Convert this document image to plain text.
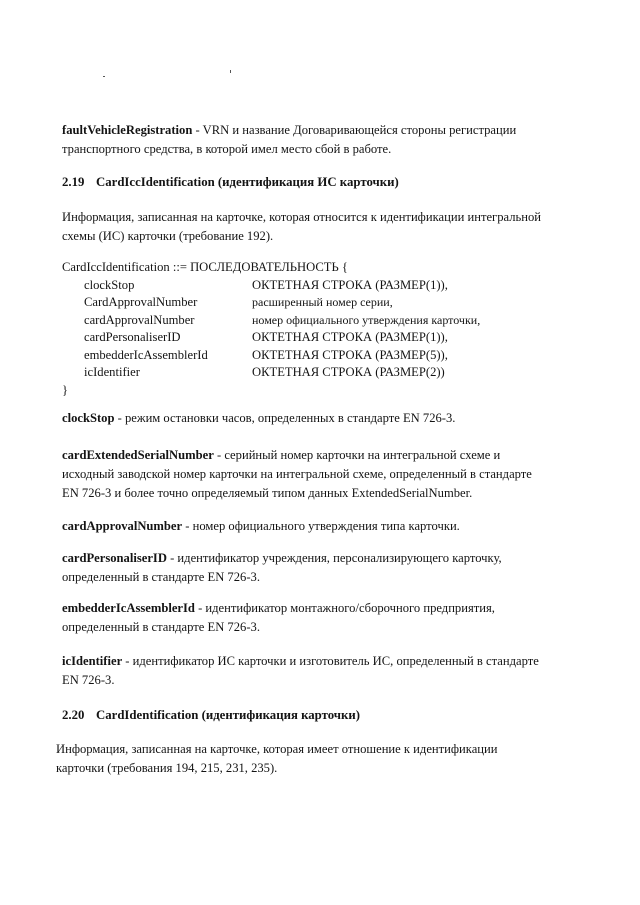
faultVehicleRegistration - VRN и название Договаривающейся стороны регистрации транспортного средства, в которой имел место сбой в работе.
2.19 CardIccIdentification (идентификация ИС карточки)
Информация, записанная на карточке, которая относится к идентификации интегральной схемы (ИС) карточки (требование 192).
CardIccIdentification ::= ПОСЛЕДОВАТЕЛЬНОСТЬ {
clockStop	ОКТЕТНАЯ СТРОКА (РАЗМЕР(1)),
CardApprovalNumber	расширенный номер серии,
cardApprovalNumber	номер официального утверждения карточки,
cardPersonaliserID	ОКТЕТНАЯ СТРОКА (РАЗМЕР(1)),
embedderIcAssemblerId	ОКТЕТНАЯ СТРОКА (РАЗМЕР(5)),
icIdentifier	ОКТЕТНАЯ СТРОКА (РАЗМЕР(2))
}
clockStop - режим остановки часов, определенных в стандарте EN 726-3.
cardExtendedSerialNumber - серийный номер карточки на интегральной схеме и исходный заводской номер карточки на интегральной схеме, определенный в стандарте EN 726-3 и более точно определяемый типом данных ExtendedSerialNumber.
cardApprovalNumber - номер официального утверждения типа карточки.
cardPersonaliserID - идентификатор учреждения, персонализирующего карточку, определенный в стандарте EN 726-3.
embedderIcAssemblerId - идентификатор монтажного/сборочного предприятия, определенный в стандарте EN 726-3.
icIdentifier - идентификатор ИС карточки и изготовитель ИС, определенный в стандарте EN 726-3.
2.20 CardIdentification (идентификация карточки)
Информация, записанная на карточке, которая имеет отношение к идентификации карточки (требования 194, 215, 231, 235).
